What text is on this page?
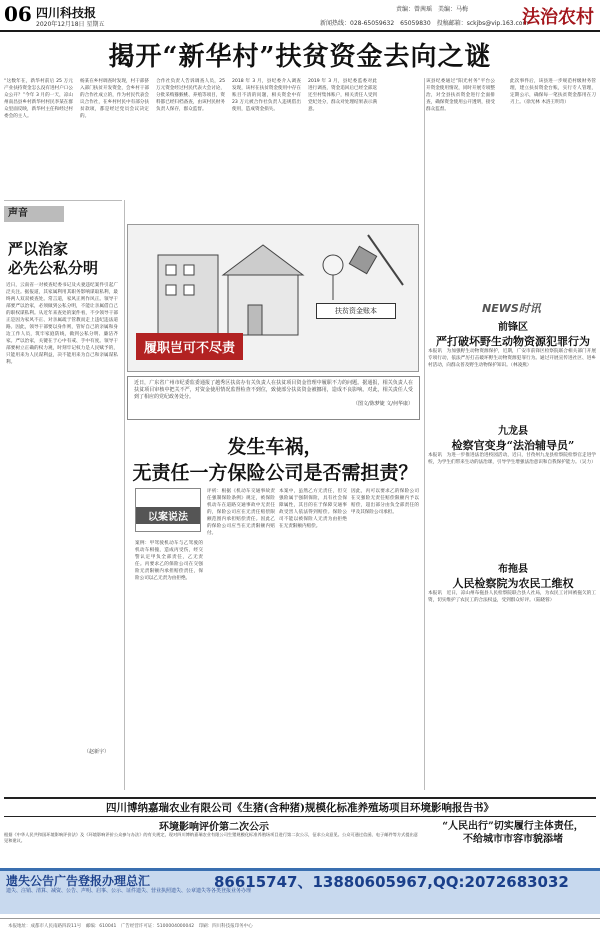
06 四川科技报
2020年12月18日 星期五
责编：曾茜瑶　美编：马梅
新闻热线：028-65059632　65059830　投稿邮箱：sckjbs@vip.163.com
法治农村
揭开“新华村”扶贫资金去向之谜
“这数年在，新华村前后 25 万元产业扶持资金怎么没有进村户口公众公开？”今年 3 月的一天，凉山州南昌县乡村新华村村民李某在群众里面反映，新华村主任和经过村委会的主人。
杨某在乡村调查时发现，村干部挤入部门扶贫开发资金，会乡村干部的合作社成立的，作为村民代表会议合作社，在乡村村民中有部分扶贫款项，都是经过党员会议决定的。
合作社负责人告诉调查人员，25 万元资金经过村民代表大会讨论，分批采购猕猴桃、养殖等项目，资料都已经归档备查，由该村民财务负责人保存，群众监督。
2018 年 3 月，县纪委介入调查发现，该村在扶贫资金使用中存在账目不清的问题，相关资金中有 23 万元被合作社负责人违规借出使用，造成资金损失。
2019 年 3 月，县纪委监委对此进行调查，资金追回后已经全部返还至村集体账户，相关责任人受到党纪处分，群众对处理结果表示满意。
该县纪委通过“阳光村务”平台公开资金使用情况，同时开展专项整治，对全县扶贫资金进行全面排查，确保资金使用公开透明，接受群众监督。
此次事件后，该县进一步规范村级财务管理，建立扶贫资金台账，实行专人管理，定期公示，确保每一笔扶贫资金都用在刀刃上。（徐光林 木洛王明奇）
声音
严以治家
必先公私分明
近日，云南省一对被查纪委书记及夫妻违纪案件引起广泛关注。据报道，其家属利用其职务影响谋取私利，最终两人双双被查处。常言道，家风正则作风正。领导干部要严以治家，必须做到公私分明，不能让亲属借自己的职权谋私利。从近年来查处的案件看，不少领导干部正是因为家风不正、对亲属疏于管教而走上违纪违法道路。因此，领导干部要以身作则，管好自己的亲属和身边工作人员，筑牢家庭防线，做到公私分明、廉洁齐家。严以治家，关键在于心中有戒、手中有度。领导干部要树立正确的权力观，时刻牢记权力是人民赋予的，只能用来为人民谋利益，决不能用来为自己和亲属谋私利。
（赵新宇）
履职岂可不尽责
扶贫资金账本
近日，广东省广州市纪委监委通报了越秀区扶贫办有关负责人在扶贫项目资金管理中履职不力的问题。据通报，相关负责人在扶贫项目审核中把关不严，对资金使用情况监督检查不到位，致使部分扶贫资金被挪用，造成不良影响。对此，相关责任人受到了相应的党纪政务处分。
（图文/陈梦婕 文/何华康）
发生车祸，
无责任一方保险公司是否需担责？
以案说法
案例：甲驾驶机动车与乙驾驶的机动车相撞，造成丙受伤，经交警认定甲负全部责任，乙无责任。丙要求乙的保险公司在交强险无责限额内承担赔偿责任，保险公司以乙无责为由拒绝。
评析：根据《机动车交通事故责任强制保险条例》规定，被保险机动车在道路交通事故中无责任的，保险公司应在无责任赔偿限额范围内承担赔偿责任。因此乙的保险公司应当在无责限额内赔付。
本案中，虽然乙方无责任，但交强险属于强制保险，具有社会保障属性，其目的在于保障交通事故受害人依法得到赔偿。保险公司不能以被保险人无责为由拒绝在无责限额内赔偿。
因此，丙可以要求乙的保险公司在交强险无责任赔偿限额内予以赔偿，超出部分由负全部责任的甲及其保险公司承担。
NEWS时讯
前锋区
严打破坏野生动物资源犯罪行为
本报讯　为加强野生动物资源保护，近期，广安市前锋区检察院联合相关部门开展专项行动，依法严厉打击破坏野生动物资源犯罪行为。通过开展宣传进社区、进乡村活动，向群众普及野生动物保护知识。（林凌燕）
九龙县
检察官变身“法治辅导员”
本报讯　为进一步推进法治进校园活动，近日，甘孜州九龙县检察院检察官走进学校，为学生们带来生动的法治课，引导学生增强法治意识和自我保护能力。（吴力）
布拖县
人民检察院为农民工维权
本报讯　近日，凉山州布拖县人民检察院联合县人社局，为农民工讨回被拖欠的工资，切实维护了农民工的合法权益，受到群众好评。（陆晓蓉）
四川博纳嘉瑞农业有限公司《生猪(含种猪)规模化标准养殖场项目环境影响报告书》
环境影响评价第二次公示
根据《中华人民共和国环境影响评价法》及《环境影响评价公众参与办法》的有关规定，现对四川博纳嘉瑞农业有限公司生猪规模化标准养殖场项目进行第二次公示，征求公众意见。公众可通过信函、电子邮件等方式提出意见和建议。
“人民出行”切实履行主体责任，
不给城市市容市貌添堵
遗失公告广告登报办理总汇	86615747、13880605967,QQ:2072683032
遗失、注销、清算、减资、公告、声明、启事、公示、证件遗失、营业执照遗失、公章遗失等各类登报业务办理
本报地址：成都市人民南路四段11号　邮编：610041　广告经营许可证：5100004000042　印刷：四川科技报印务中心
